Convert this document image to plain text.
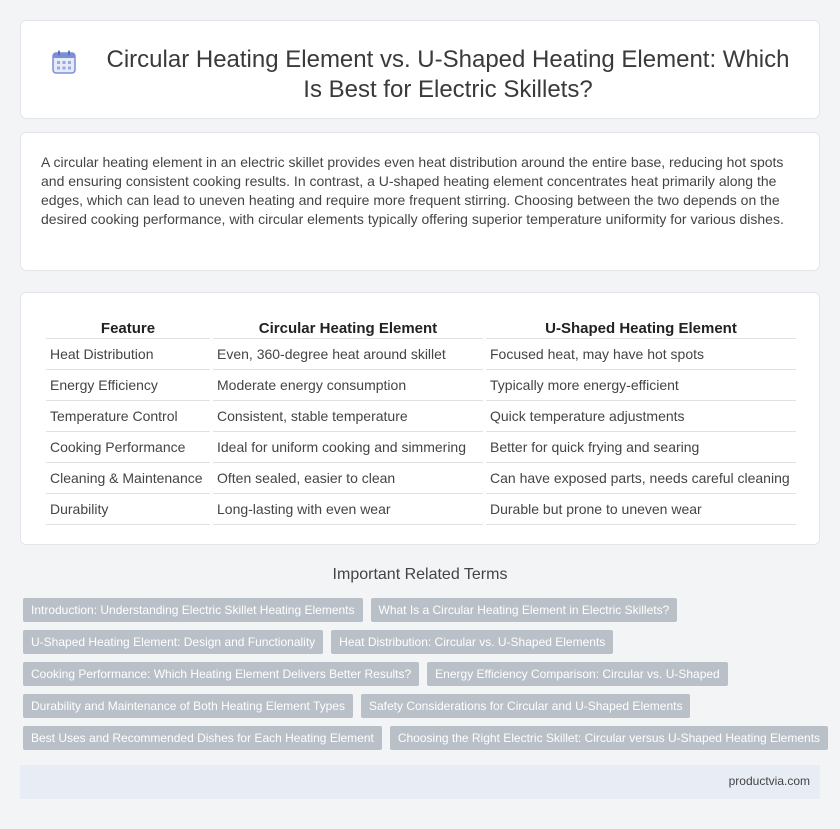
Circular Heating Element vs. U-Shaped Heating Element: Which Is Best for Electric Skillets?

A circular heating element in an electric skillet provides even heat distribution around the entire base, reducing hot spots and ensuring consistent cooking results. In contrast, a U-shaped heating element concentrates heat primarily along the edges, which can lead to uneven heating and require more frequent stirring. Choosing between the two depends on the desired cooking performance, with circular elements typically offering superior temperature uniformity for various dishes.

Feature	Circular Heating Element	U-Shaped Heating Element
Heat Distribution	Even, 360-degree heat around skillet	Focused heat, may have hot spots
Energy Efficiency	Moderate energy consumption	Typically more energy-efficient
Temperature Control	Consistent, stable temperature	Quick temperature adjustments
Cooking Performance	Ideal for uniform cooking and simmering	Better for quick frying and searing
Cleaning & Maintenance	Often sealed, easier to clean	Can have exposed parts, needs careful cleaning
Durability	Long-lasting with even wear	Durable but prone to uneven wear
Important Related Terms
Introduction: Understanding Electric Skillet Heating Elements	What Is a Circular Heating Element in Electric Skillets?
U-Shaped Heating Element: Design and Functionality	Heat Distribution: Circular vs. U-Shaped Elements
Cooking Performance: Which Heating Element Delivers Better Results?	Energy Efficiency Comparison: Circular vs. U-Shaped
Durability and Maintenance of Both Heating Element Types	Safety Considerations for Circular and U-Shaped Elements
Best Uses and Recommended Dishes for Each Heating Element	Choosing the Right Electric Skillet: Circular versus U-Shaped Heating Elements
productvia.com
